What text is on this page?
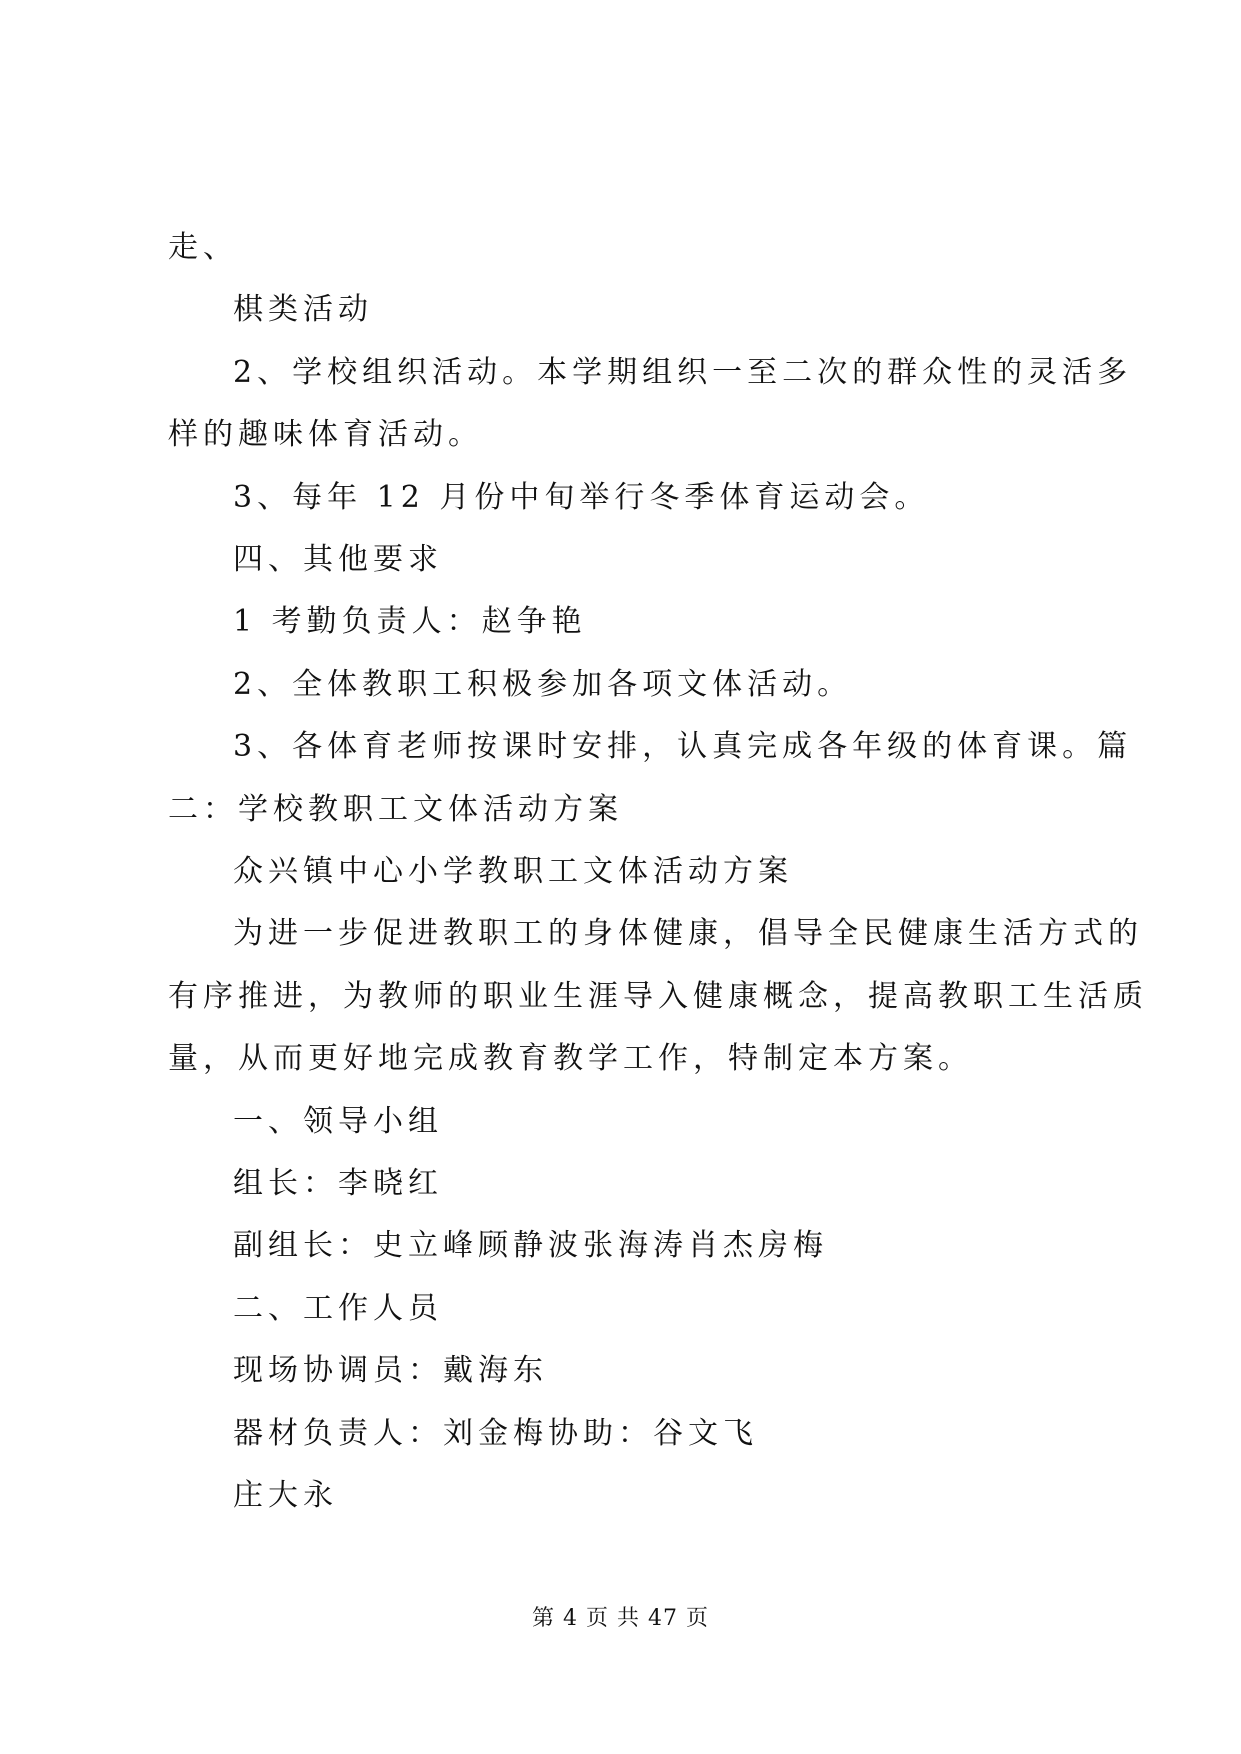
走、
棋类活动
2、学校组织活动。本学期组织一至二次的群众性的灵活多
样的趣味体育活动。
3、每年 12 月份中旬举行冬季体育运动会。
四、其他要求
1 考勤负责人：赵争艳
2、全体教职工积极参加各项文体活动。
3、各体育老师按课时安排，认真完成各年级的体育课。篇
二：学校教职工文体活动方案
众兴镇中心小学教职工文体活动方案
为进一步促进教职工的身体健康，倡导全民健康生活方式的
有序推进，为教师的职业生涯导入健康概念，提高教职工生活质
量，从而更好地完成教育教学工作，特制定本方案。
一、领导小组
组长：李晓红
副组长：史立峰顾静波张海涛肖杰房梅
二、工作人员
现场协调员：戴海东
器材负责人：刘金梅协助：谷文飞
庄大永
第 4 页 共 47 页
